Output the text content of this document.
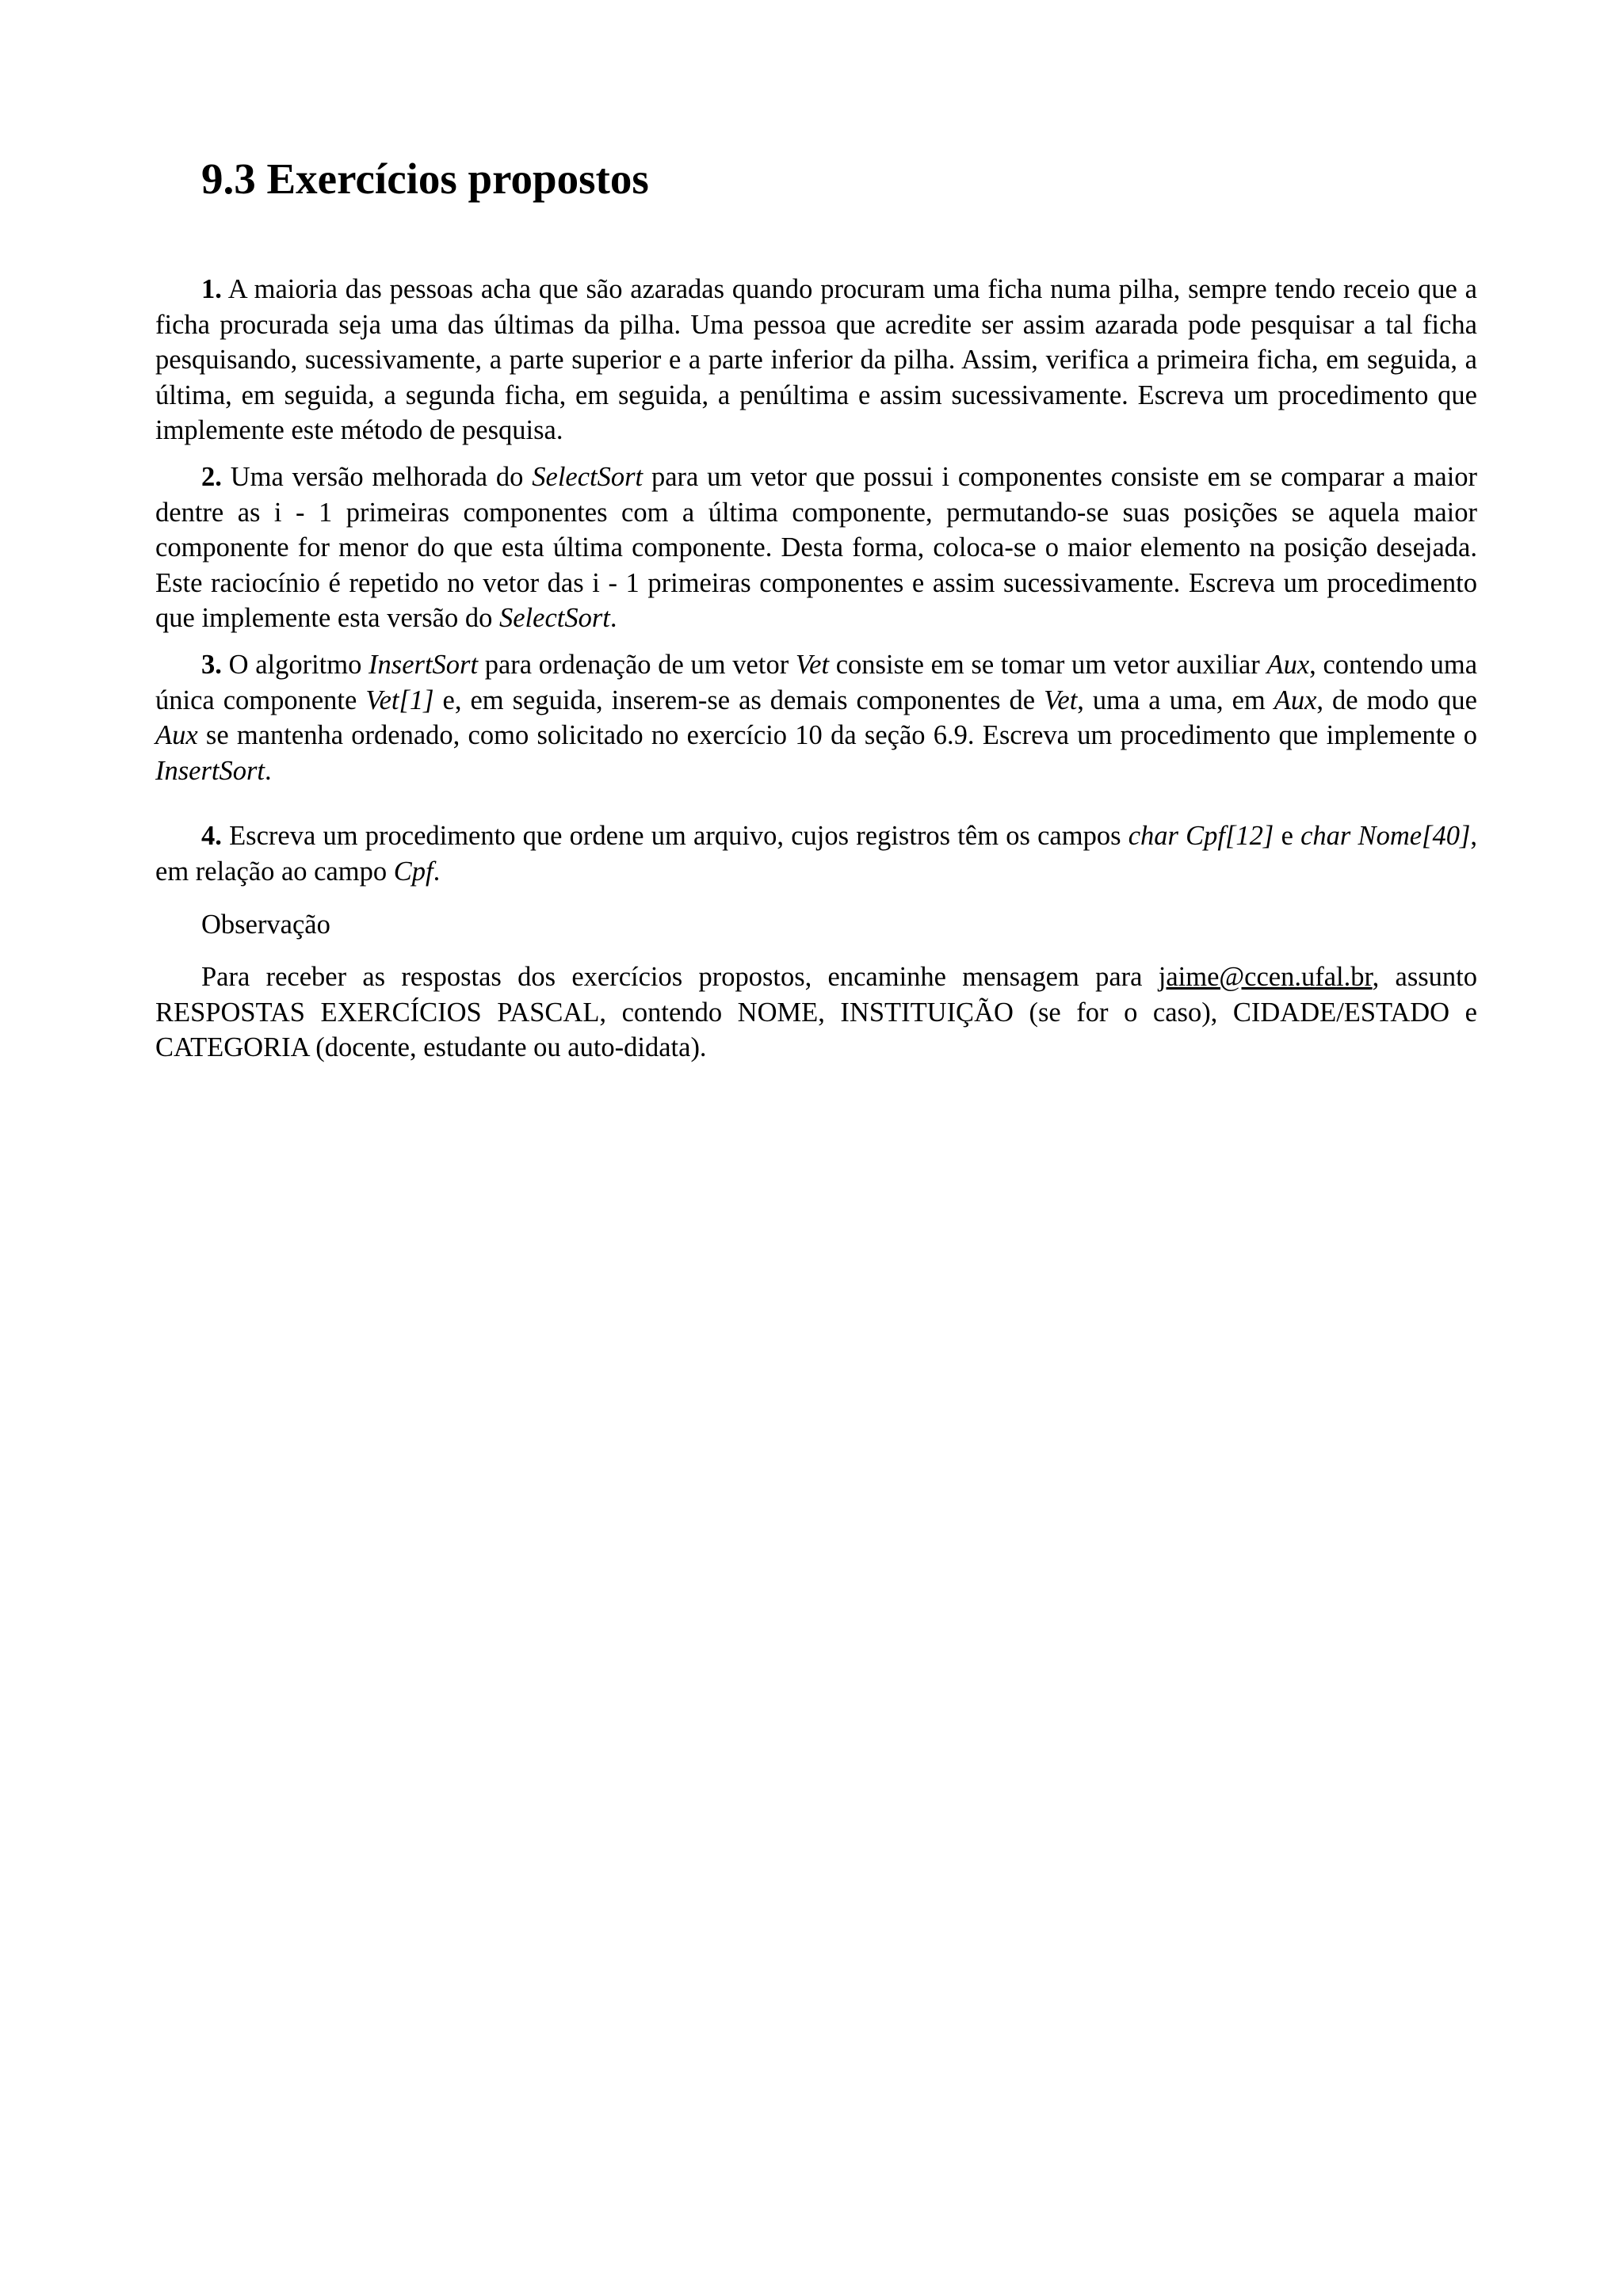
9.3 Exercícios propostos

1. A maioria das pessoas acha que são azaradas quando procuram uma ficha numa pilha, sempre tendo receio que a ficha procurada seja uma das últimas da pilha. Uma pessoa que acredite ser assim azarada pode pesquisar a tal ficha pesquisando, sucessivamente, a parte superior e a parte inferior da pilha. Assim, verifica a primeira ficha, em seguida, a última, em seguida, a segunda ficha, em seguida, a penúltima e assim sucessivamente. Escreva um procedimento que implemente este método de pesquisa.

2. Uma versão melhorada do SelectSort para um vetor que possui i componentes consiste em se comparar a maior dentre as i - 1 primeiras componentes com a última componente, permutando-se suas posições se aquela maior componente for menor do que esta última componente. Desta forma, coloca-se o maior elemento na posição desejada. Este raciocínio é repetido no vetor das i - 1 primeiras componentes e assim sucessivamente. Escreva um procedimento que implemente esta versão do SelectSort.

3. O algoritmo InsertSort para ordenação de um vetor Vet consiste em se tomar um vetor auxiliar Aux, contendo uma única componente Vet[1] e, em seguida, inserem-se as demais componentes de Vet, uma a uma, em Aux, de modo que Aux se mantenha ordenado, como solicitado no exercício 10 da seção 6.9. Escreva um procedimento que implemente o InsertSort.

4. Escreva um procedimento que ordene um arquivo, cujos registros têm os campos char Cpf[12] e char Nome[40], em relação ao campo Cpf.

Observação

Para receber as respostas dos exercícios propostos, encaminhe mensagem para jaime@ccen.ufal.br, assunto RESPOSTAS EXERCÍCIOS PASCAL, contendo NOME, INSTITUIÇÃO (se for o caso), CIDADE/ESTADO e CATEGORIA (docente, estudante ou auto-didata).
